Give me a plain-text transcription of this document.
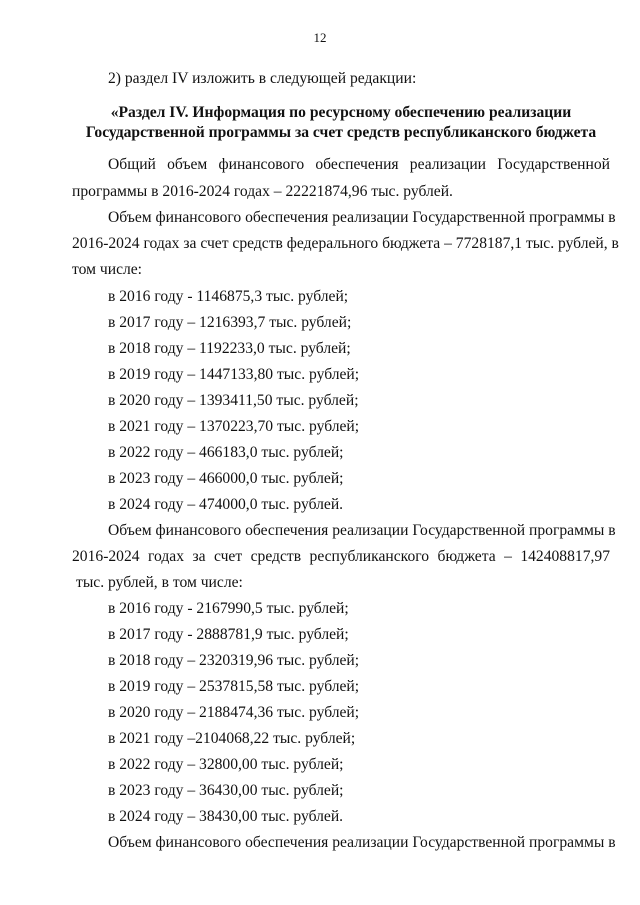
12
2) раздел IV изложить в следующей редакции:
«Раздел IV. Информация по ресурсному обеспечению реализации
Государственной программы за счет средств республиканского бюджета
Общий объем финансового обеспечения реализации Государственной
программы в 2016-2024 годах – 22221874,96 тыс. рублей.
Объем финансового обеспечения реализации Государственной программы в
2016-2024 годах за счет средств федерального бюджета – 7728187,1 тыс. рублей, в
том числе:
в 2016 году - 1146875,3 тыс. рублей;
в 2017 году – 1216393,7 тыс. рублей;
в 2018 году – 1192233,0 тыс. рублей;
в 2019 году – 1447133,80 тыс. рублей;
в 2020 году – 1393411,50 тыс. рублей;
в 2021 году – 1370223,70 тыс. рублей;
в 2022 году – 466183,0 тыс. рублей;
в 2023 году – 466000,0 тыс. рублей;
в 2024 году – 474000,0 тыс. рублей.
Объем финансового обеспечения реализации Государственной программы в
2016-2024 годах за счет средств республиканского бюджета – 142408817,97
тыс. рублей, в том числе:
в 2016 году - 2167990,5 тыс. рублей;
в 2017 году - 2888781,9 тыс. рублей;
в 2018 году – 2320319,96 тыс. рублей;
в 2019 году – 2537815,58 тыс. рублей;
в 2020 году – 2188474,36 тыс. рублей;
в 2021 году –2104068,22 тыс. рублей;
в 2022 году – 32800,00 тыс. рублей;
в 2023 году – 36430,00 тыс. рублей;
в 2024 году – 38430,00 тыс. рублей.
Объем финансового обеспечения реализации Государственной программы в
